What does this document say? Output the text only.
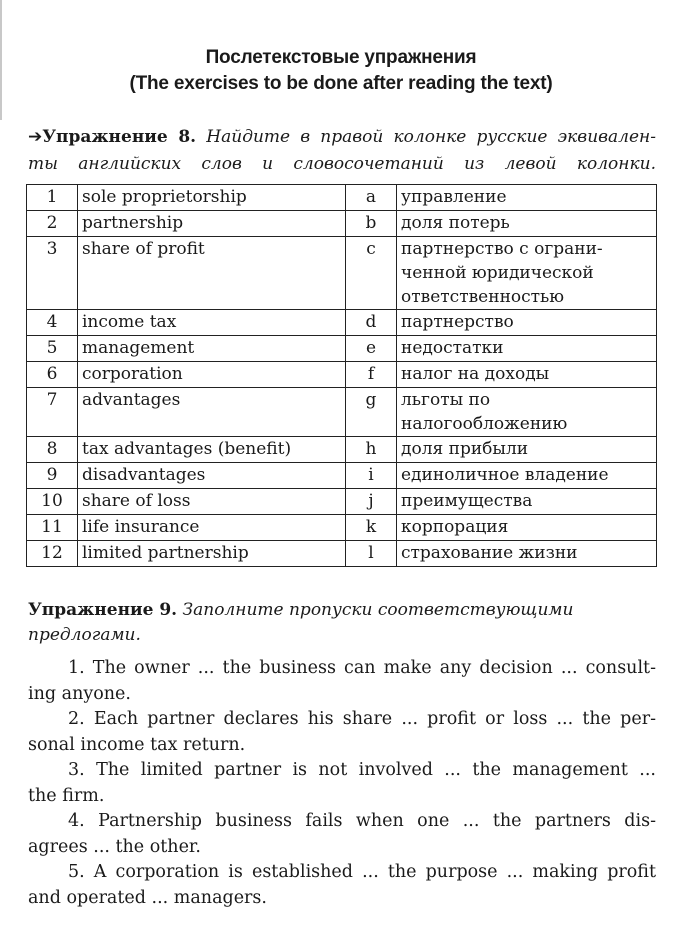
Послетекстовые упражнения
(The exercises to be done after reading the text)
➔Упражнение 8. Найдите в правой колонке русские эквивален-
ты английских слов и словосочетаний из левой колонки.
1	sole proprietorship	a	управление
2	partnership	b	доля потерь
3	share of profit	c	партнерство с ограни-ченной юридической ответственностью
4	income tax	d	партнерство
5	management	e	недостатки
6	corporation	f	налог на доходы
7	advantages	g	льготы по налогообложению
8	tax advantages (benefit)	h	доля прибыли
9	disadvantages	i	единоличное владение
10	share of loss	j	преимущества
11	life insurance	k	корпорация
12	limited partnership	l	страхование жизни
Упражнение 9. Заполните пропуски соответствующими предлогами.
1. The owner ... the business can make any decision ... consult-
ing anyone.
2. Each partner declares his share ... profit or loss ... the per-
sonal income tax return.
3. The limited partner is not involved ... the management ...
the firm.
4. Partnership business fails when one ... the partners dis-
agrees ... the other.
5. A corporation is established ... the purpose ... making profit
and operated ... managers.
